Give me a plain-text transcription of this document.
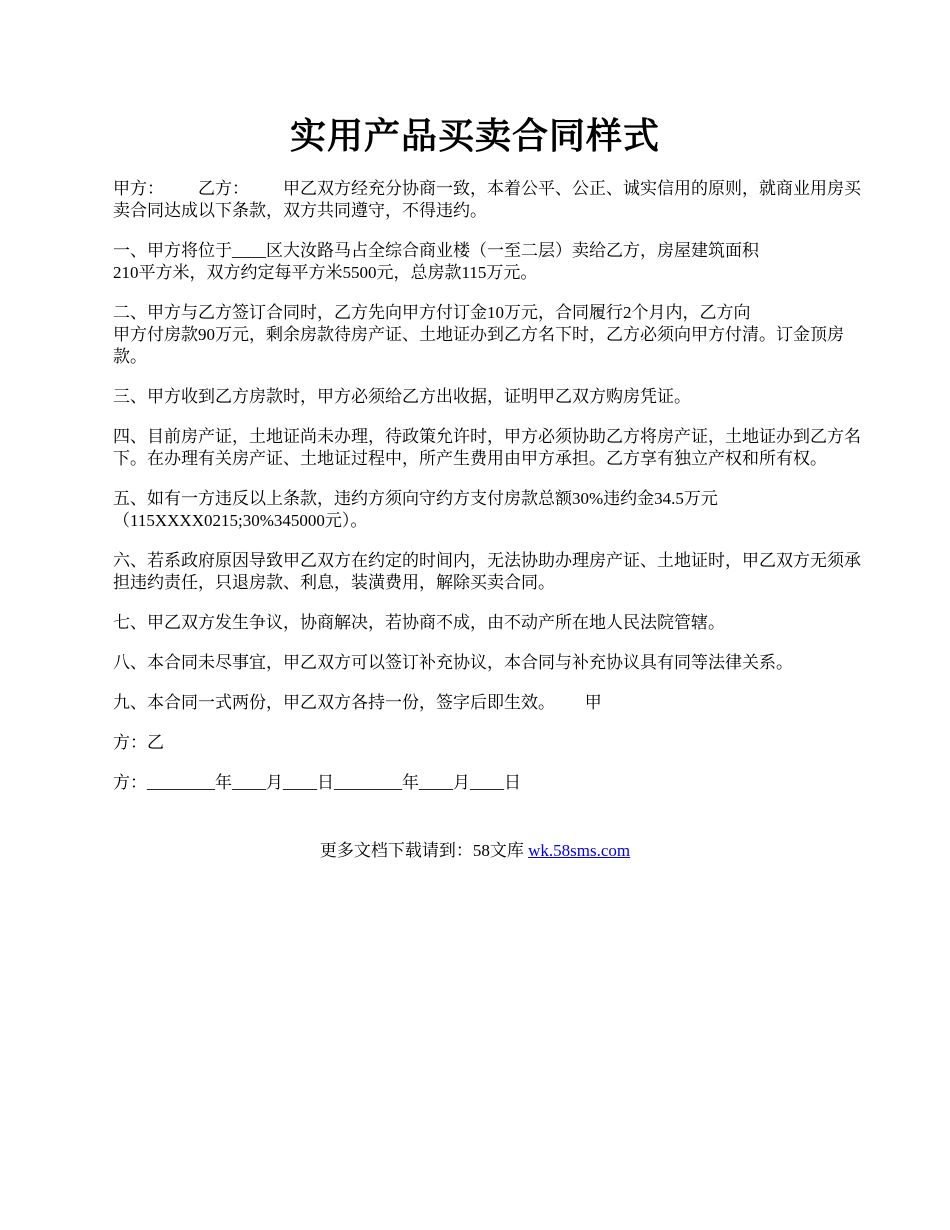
实用产品买卖合同样式

甲方：        乙方：        甲乙双方经充分协商一致，本着公平、公正、诚实信用的原则，就商业用房买卖合同达成以下条款，双方共同遵守，不得违约。

一、甲方将位于____区大汝路马占全综合商业楼（一至二层）卖给乙方，房屋建筑面积
210平方米，双方约定每平方米5500元，总房款115万元。

二、甲方与乙方签订合同时，乙方先向甲方付订金10万元，合同履行2个月内，乙方向
甲方付房款90万元，剩余房款待房产证、土地证办到乙方名下时，乙方必须向甲方付清。订金顶房款。

三、甲方收到乙方房款时，甲方必须给乙方出收据，证明甲乙双方购房凭证。

四、目前房产证，土地证尚未办理，待政策允许时，甲方必须协助乙方将房产证，土地证办到乙方名下。在办理有关房产证、土地证过程中，所产生费用由甲方承担。乙方享有独立产权和所有权。

五、如有一方违反以上条款，违约方须向守约方支付房款总额30%违约金34.5万元
（115XXXX0215;30%345000元）。

六、若系政府原因导致甲乙双方在约定的时间内，无法协助办理房产证、土地证时，甲乙双方无须承担违约责任，只退房款、利息，装潢费用，解除买卖合同。

七、甲乙双方发生争议，协商解决，若协商不成，由不动产所在地人民法院管辖。

八、本合同未尽事宜，甲乙双方可以签订补充协议，本合同与补充协议具有同等法律关系。

九、本合同一式两份，甲乙双方各持一份，签字后即生效。       甲

方：乙

方：________年____月____日________年____月____日

更多文档下载请到：58文库 wk.58sms.com
